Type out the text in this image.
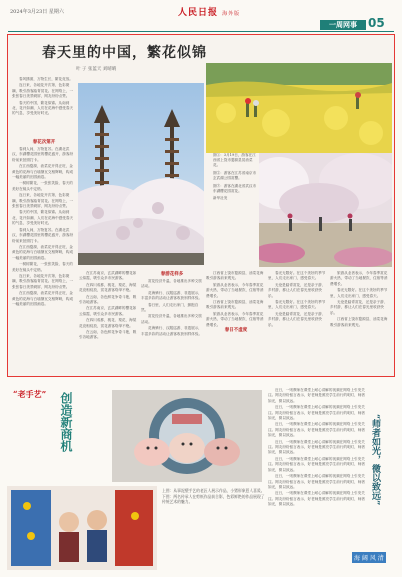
2024年3月23日 星期六	人民日报 海外版
一周网事 05
春天里的中国，繁花似锦
叶 子 张蓝天 刘晴晴

春风拂面，万物生长，繁花竞放。

连日来，各地花开次第，色彩斑斓，吸引游客踏青赏花。在网络上，一张张春日美景刷屏，网友纷纷点赞。

春天的中国，繁花似锦。从南到北，花开如潮，人们在花海中感受春天的气息，享受美好时光。

春花次第开

春到人间，万物复苏。在湖北武汉，东湖樱花园里的樱花盛开，游客纷纷前来拍照打卡。

在江西婺源，油菜花开得正旺，金黄色的花海与白墙黛瓦交相辉映，构成一幅美丽的田园画卷。

一树树繁花，一张张笑脸，春天的美好在镜头中定格。

连日来，各地花开次第，色彩斑斓，吸引游客踏青赏花。在网络上，一张张春日美景刷屏，网友纷纷点赞。

春天的中国，繁花似锦。从南到北，花开如潮，人们在花海中感受春天的气息，享受美好时光。

春到人间，万物复苏。在湖北武汉，东湖樱花园里的樱花盛开，游客纷纷前来拍照打卡。

在江西婺源，油菜花开得正旺，金黄色的花海与白墙黛瓦交相辉映，构成一幅美丽的田园画卷。

一树树繁花，一张张笑脸，春天的美好在镜头中定格。

连日来，各地花开次第，色彩斑斓，吸引游客踏青赏花。在网络上，一张张春日美景刷屏，网友纷纷点赞。

在江西婺源，油菜花开得正旺，金黄色的花海与白墙黛瓦交相辉映，构成一幅美丽的田园画卷。

在江苏南京，玄武湖畔的樱花如云似霞，吸引众多市民游客。

在四川成都，桃花、梨花、海棠花竞相绽放，赏花游客络绎不绝。

在云南，各色鲜花争奇斗艳，吸引各地游客。

在江苏南京，玄武湖畔的樱花如云似霞，吸引众多市民游客。

在四川成都，桃花、梨花、海棠花竞相绽放，赏花游客络绎不绝。

在云南，各色鲜花争奇斗艳，吸引各地游客。

春游花样多

赏花经济升温，各地推出多种文旅活动。

花海骑行、汉服巡游、非遗展示，丰富多彩的活动让游客收获别样体验。

春日里，人们走出家门，拥抱自然。

赏花经济升温，各地推出多种文旅活动。

花海骑行、汉服巡游、非遗展示，丰富多彩的活动让游客收获别样体验。

图①：3月19日，游客在江西省上饶市婺源县赏油菜花。
图②：游客在江苏省南京市玄武湖公园赏樱。
图③：游客在湖北省武汉市东湖樱花园赏花。
新华社发

江西省上饶市婺源县，油菜花海吸引游客前来观光。

旅游从业者表示，今年春季赏花游火热，带动了当地餐饮、住宿等消费增长。

江西省上饶市婺源县，油菜花海吸引游客前来观光。

旅游从业者表示，今年春季赏花游火热，带动了当地餐饮、住宿等消费增长。

春日不虚度

春光无限好。在这个美好的季节里，人们走出家门，感受春天。

无论是踏青赏花，还是亲子游、乡村游，都让人们在春光里收获快乐。

春光无限好。在这个美好的季节里，人们走出家门，感受春天。

无论是踏青赏花，还是亲子游、乡村游，都让人们在春光里收获快乐。

旅游从业者表示，今年春季赏花游火热，带动了当地餐饮、住宿等消费增长。

春光无限好。在这个美好的季节里，人们走出家门，感受春天。

无论是踏青赏花，还是亲子游、乡村游，都让人们在春光里收获快乐。

江西省上饶市婺源县，油菜花海吸引游客前来观光。

“老手艺” 创造新商机
上图：从事泥塑手艺的老匠人展示作品，小猪形象惹人喜爱。下图：两名传承人在剪纸作品前合影，色彩鲜艳的作品展现了传统艺术的魅力。

近日，一则教师在课堂上耐心讲解的视频在网络上引发关注。网友纷纷留言表示，好老师是照亮学生前行的明灯，师者如光，微以致远。

近日，一则教师在课堂上耐心讲解的视频在网络上引发关注。网友纷纷留言表示，好老师是照亮学生前行的明灯，师者如光，微以致远。

近日，一则教师在课堂上耐心讲解的视频在网络上引发关注。网友纷纷留言表示，好老师是照亮学生前行的明灯，师者如光，微以致远。

近日，一则教师在课堂上耐心讲解的视频在网络上引发关注。网友纷纷留言表示，好老师是照亮学生前行的明灯，师者如光，微以致远。

近日，一则教师在课堂上耐心讲解的视频在网络上引发关注。网友纷纷留言表示，好老师是照亮学生前行的明灯，师者如光，微以致远。

近日，一则教师在课堂上耐心讲解的视频在网络上引发关注。网友纷纷留言表示，好老师是照亮学生前行的明灯，师者如光，微以致远。

近日，一则教师在课堂上耐心讲解的视频在网络上引发关注。网友纷纷留言表示，好老师是照亮学生前行的明灯，师者如光，微以致远。	“师者如光，微以致远”
海 阔 风 清
